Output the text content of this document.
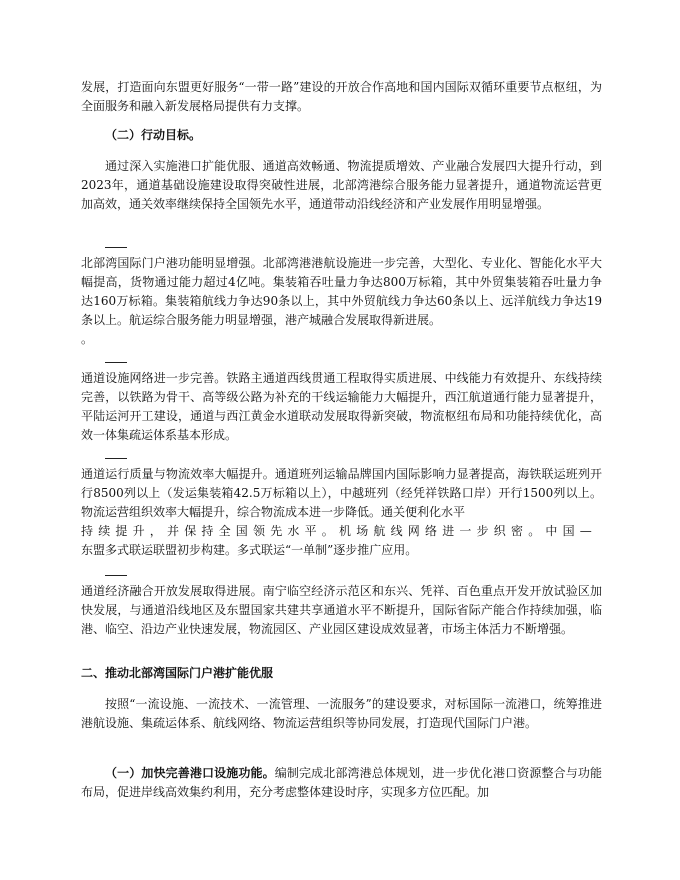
发展，打造面向东盟更好服务“一带一路”建设的开放合作高地和国内国际双循环重要节点枢纽，为全面服务和融入新发展格局提供有力支撑。

（二）行动目标。

通过深入实施港口扩能优服、通道高效畅通、物流提质增效、产业融合发展四大提升行动，到2023年，通道基础设施建设取得突破性进展，北部湾港综合服务能力显著提升，通道物流运营更加高效，通关效率继续保持全国领先水平，通道带动沿线经济和产业发展作用明显增强。

北部湾国际门户港功能明显增强。北部湾港港航设施进一步完善，大型化、专业化、智能化水平大幅提高，货物通过能力超过4亿吨。集装箱吞吐量力争达800万标箱，其中外贸集装箱吞吐量力争达160万标箱。集装箱航线力争达90条以上，其中外贸航线力争达60条以上、远洋航线力争达19条以上。航运综合服务能力明显增强，港产城融合发展取得新进展。

。

通道设施网络进一步完善。铁路主通道西线贯通工程取得实质进展、中线能力有效提升、东线持续完善，以铁路为骨干、高等级公路为补充的干线运输能力大幅提升，西江航道通行能力显著提升，平陆运河开工建设，通道与西江黄金水道联动发展取得新突破，物流枢纽布局和功能持续优化，高效一体集疏运体系基本形成。

通道运行质量与物流效率大幅提升。通道班列运输品牌国内国际影响力显著提高，海铁联运班列开行8500列以上（发运集装箱42.5万标箱以上），中越班列（经凭祥铁路口岸）开行1500列以上。物流运营组织效率大幅提升，综合物流成本进一步降低。通关便利化水平
持续提升，并保持全国领先水平。机场航线网络进一步织密。中国—
东盟多式联运联盟初步构建。多式联运“一单制”逐步推广应用。

通道经济融合开放发展取得进展。南宁临空经济示范区和东兴、凭祥、百色重点开发开放试验区加快发展，与通道沿线地区及东盟国家共建共享通道水平不断提升，国际省际产能合作持续加强，临港、临空、沿边产业快速发展，物流园区、产业园区建设成效显著，市场主体活力不断增强。

二、推动北部湾国际门户港扩能优服

按照“一流设施、一流技术、一流管理、一流服务”的建设要求，对标国际一流港口，统筹推进港航设施、集疏运体系、航线网络、物流运营组织等协同发展，打造现代国际门户港。

（一）加快完善港口设施功能。编制完成北部湾港总体规划，进一步优化港口资源整合与功能布局，促进岸线高效集约利用，充分考虑整体建设时序，实现多方位匹配。加
